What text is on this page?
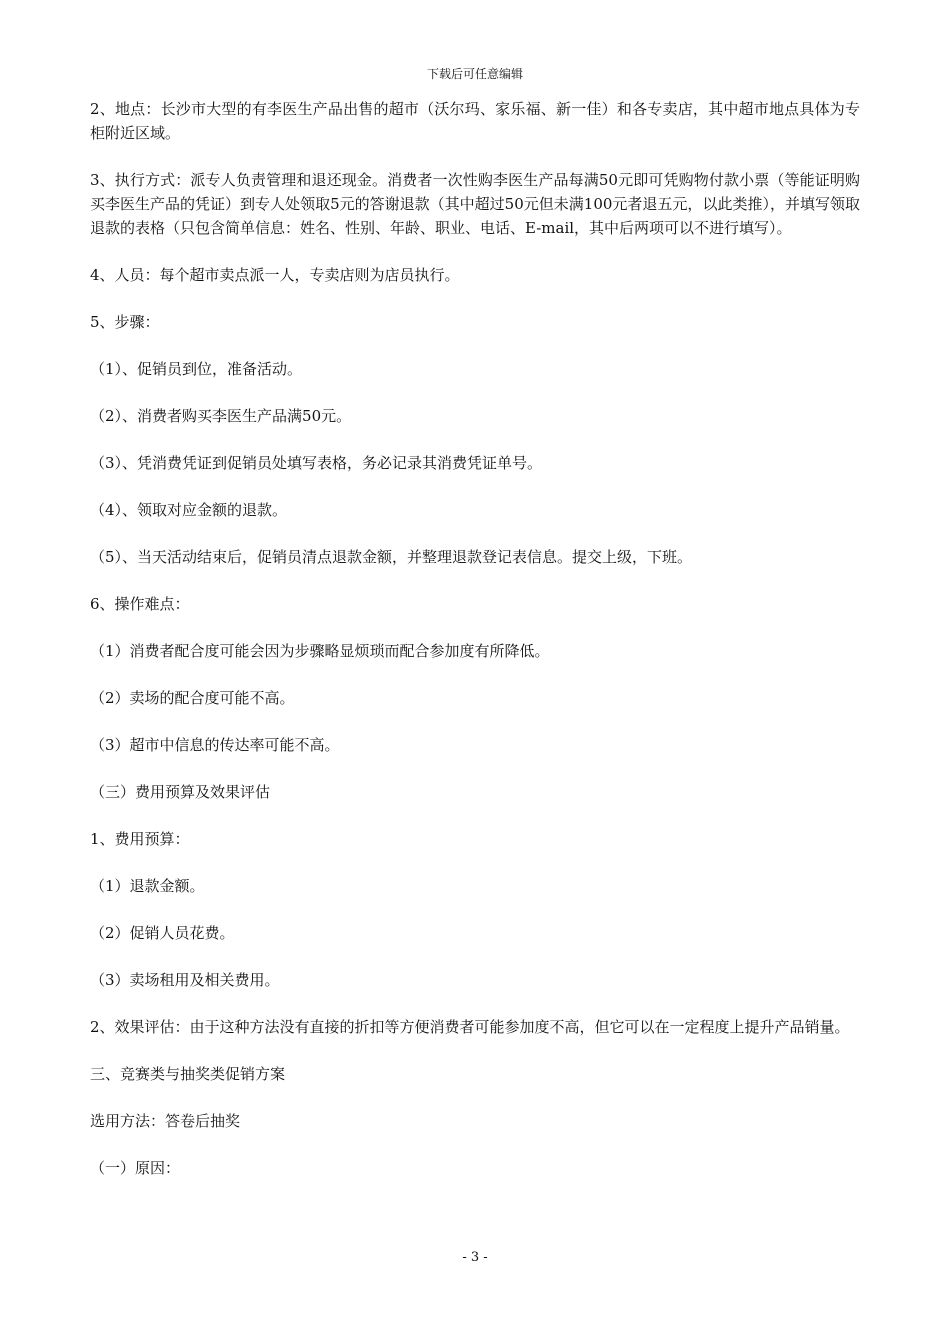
下载后可任意编辑

2、地点：长沙市大型的有李医生产品出售的超市（沃尔玛、家乐福、新一佳）和各专卖店，其中超市地点具体为专柜附近区域。

3、执行方式：派专人负责管理和退还现金。消费者一次性购李医生产品每满50元即可凭购物付款小票（等能证明购买李医生产品的凭证）到专人处领取5元的答谢退款（其中超过50元但未满100元者退五元，以此类推），并填写领取退款的表格（只包含简单信息：姓名、性别、年龄、职业、电话、E-mail，其中后两项可以不进行填写）。

4、人员：每个超市卖点派一人，专卖店则为店员执行。

5、步骤：

（1）、促销员到位，准备活动。

（2）、消费者购买李医生产品满50元。

（3）、凭消费凭证到促销员处填写表格，务必记录其消费凭证单号。

（4）、领取对应金额的退款。

（5）、当天活动结束后，促销员清点退款金额，并整理退款登记表信息。提交上级，下班。

6、操作难点：

（1）消费者配合度可能会因为步骤略显烦琐而配合参加度有所降低。

（2）卖场的配合度可能不高。

（3）超市中信息的传达率可能不高。

（三）费用预算及效果评估

1、费用预算：

（1）退款金额。

（2）促销人员花费。

（3）卖场租用及相关费用。

2、效果评估：由于这种方法没有直接的折扣等方便消费者可能参加度不高，但它可以在一定程度上提升产品销量。

三、竞赛类与抽奖类促销方案

选用方法：答卷后抽奖

（一）原因：

- 3 -
